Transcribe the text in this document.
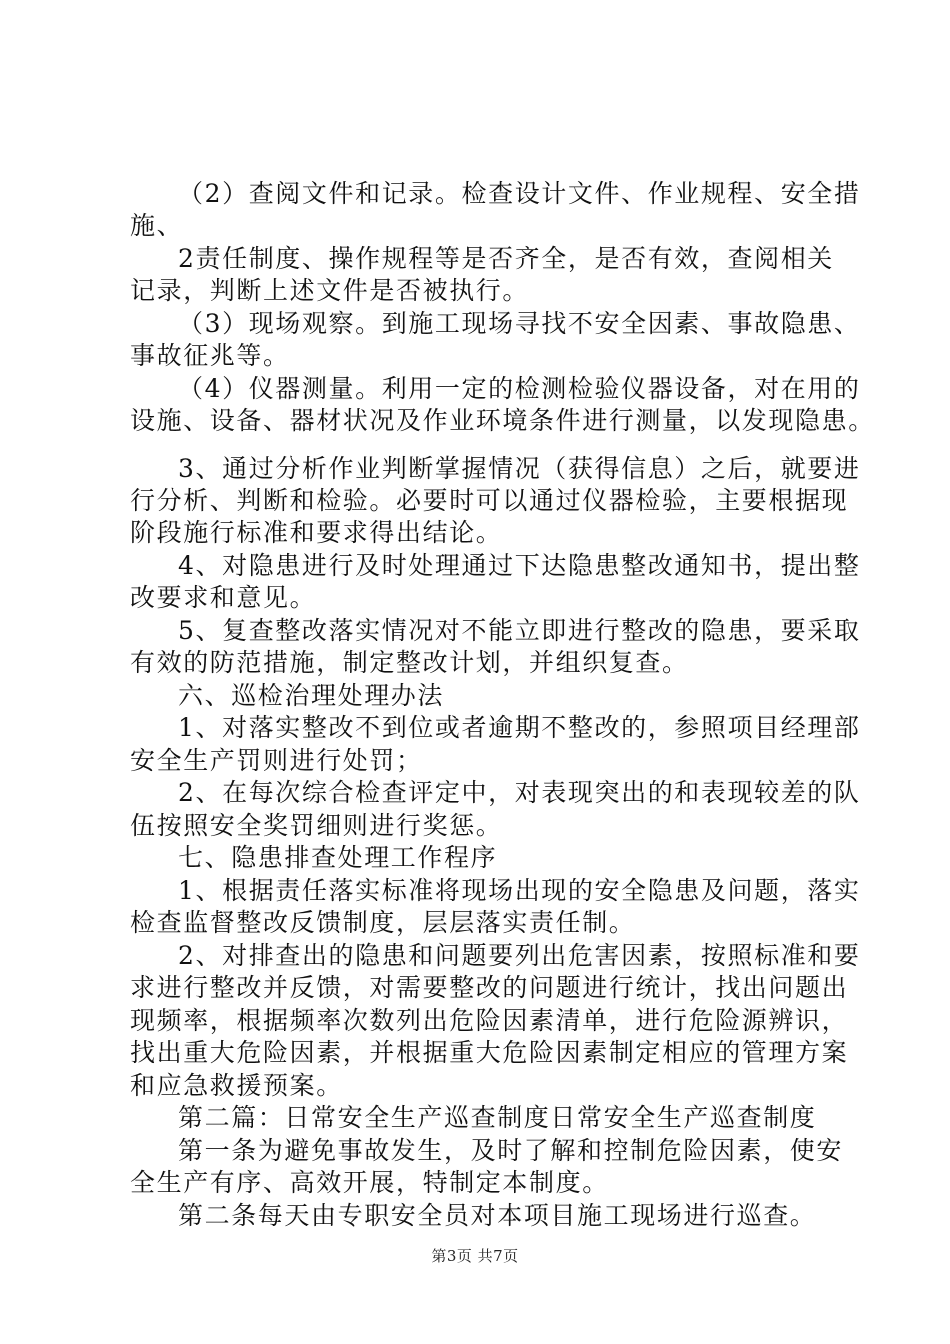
（2）查阅文件和记录。检查设计文件、作业规程、安全措
施、
2责任制度、操作规程等是否齐全，是否有效，查阅相关
记录，判断上述文件是否被执行。
（3）现场观察。到施工现场寻找不安全因素、事故隐患、
事故征兆等。
（4）仪器测量。利用一定的检测检验仪器设备，对在用的
设施、设备、器材状况及作业环境条件进行测量，以发现隐患。
3、通过分析作业判断掌握情况（获得信息）之后，就要进
行分析、判断和检验。必要时可以通过仪器检验，主要根据现
阶段施行标准和要求得出结论。
4、对隐患进行及时处理通过下达隐患整改通知书，提出整
改要求和意见。
5、复查整改落实情况对不能立即进行整改的隐患，要采取
有效的防范措施，制定整改计划，并组织复查。
六、巡检治理处理办法
1、对落实整改不到位或者逾期不整改的，参照项目经理部
安全生产罚则进行处罚；
2、在每次综合检查评定中，对表现突出的和表现较差的队
伍按照安全奖罚细则进行奖惩。
七、隐患排查处理工作程序
1、根据责任落实标准将现场出现的安全隐患及问题，落实
检查监督整改反馈制度，层层落实责任制。
2、对排查出的隐患和问题要列出危害因素，按照标准和要
求进行整改并反馈，对需要整改的问题进行统计，找出问题出
现频率，根据频率次数列出危险因素清单，进行危险源辨识，
找出重大危险因素，并根据重大危险因素制定相应的管理方案
和应急救援预案。
第二篇：日常安全生产巡查制度日常安全生产巡查制度
第一条为避免事故发生，及时了解和控制危险因素，使安
全生产有序、高效开展，特制定本制度。
第二条每天由专职安全员对本项目施工现场进行巡查。
第3页 共7页
